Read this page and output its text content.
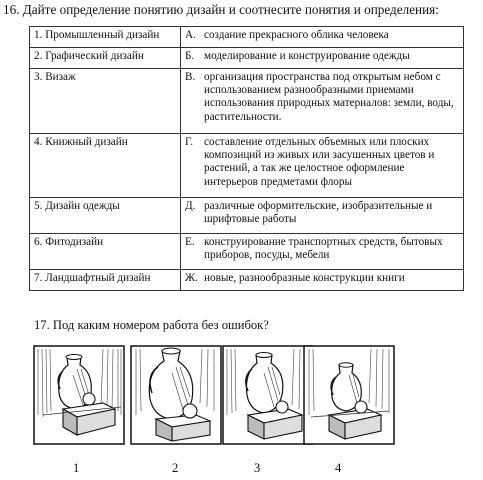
16. Дайте определение понятию дизайн и соотнесите понятия и определения:
1. Промышленный дизайн	А. создание прекрасного облика человека

2. Графический дизайн	Б. моделирование и конструирование одежды

3. Визаж	В. организация пространства под открытым небом с использованием разнообразными приемами использования природных материалов: земли, воды, растительности.

4. Книжный дизайн	Г. составление отдельных объемных или плоских композиций из живых или засушенных цветов и растений, а так же целостное оформление интерьеров предметами флоры

5. Дизайн одежды	Д. различные оформительские, изобразительные и шрифтовые работы

6. Фитодизайн	Е. конструирование транспортных средств, бытовых приборов, посуды, мебели

7. Ландшафтный дизайн	Ж. новые, разнообразные конструкции книги
17. Под каким номером работа без ошибок?
1	2	3	4
